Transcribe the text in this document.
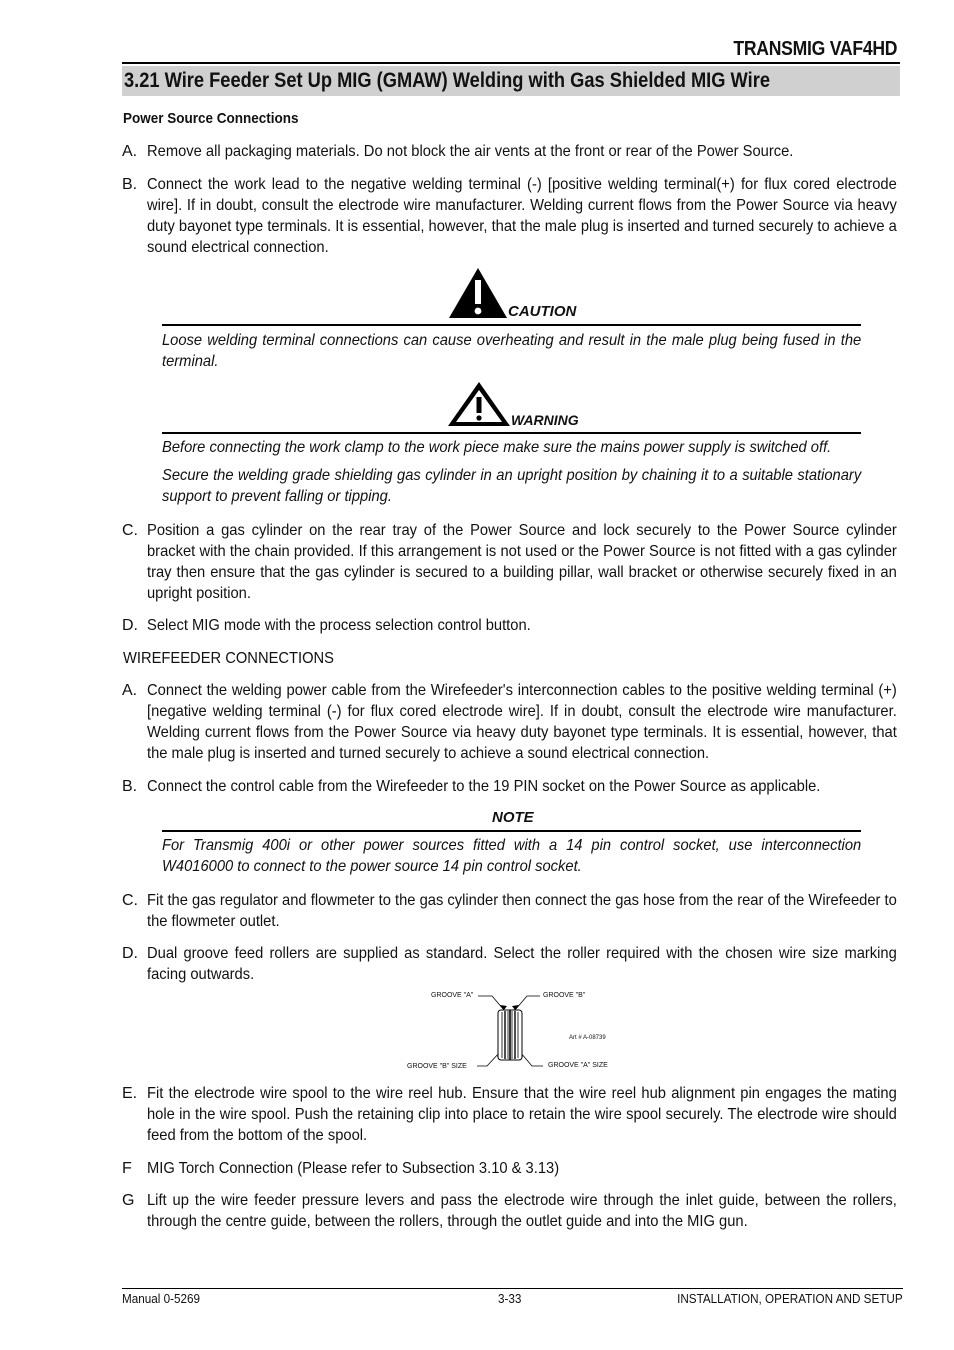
TRANSMIG VAF4HD
3.21 Wire Feeder Set Up MIG (GMAW) Welding with Gas Shielded MIG Wire
Power Source Connections
A. Remove all packaging materials. Do not block the air vents at the front or rear of the Power Source.
B. Connect the work lead to the negative welding terminal (-) [positive welding terminal(+) for flux cored electrode wire]. If in doubt, consult the electrode wire manufacturer. Welding current flows from the Power Source via heavy duty bayonet type terminals. It is essential, however, that the male plug is inserted and turned securely to achieve a sound electrical connection.
CAUTION
Loose welding terminal connections can cause overheating and result in the male plug being fused in the terminal.
WARNING
Before connecting the work clamp to the work piece make sure the mains power supply is switched off.
Secure the welding grade shielding gas cylinder in an upright position by chaining it to a suitable stationary support to prevent falling or tipping.
C. Position a gas cylinder on the rear tray of the Power Source and lock securely to the Power Source cylinder bracket with the chain provided. If this arrangement is not used or the Power Source is not fitted with a gas cylinder tray then ensure that the gas cylinder is secured to a building pillar, wall bracket or otherwise securely fixed in an upright position.
D. Select MIG mode with the process selection control button.
WIREFEEDER CONNECTIONS
A. Connect the welding power cable from the Wirefeeder's interconnection cables to the positive welding terminal (+) [negative welding terminal (-) for flux cored electrode wire]. If in doubt, consult the electrode wire manufacturer. Welding current flows from the Power Source via heavy duty bayonet type terminals. It is essential, however, that the male plug is inserted and turned securely to achieve a sound electrical connection.
B. Connect the control cable from the Wirefeeder to the 19 PIN socket on the Power Source as applicable.
NOTE
For Transmig 400i or other power sources fitted with a 14 pin control socket, use interconnection W4016000 to connect to the power source 14 pin control socket.
C. Fit the gas regulator and flowmeter to the gas cylinder then connect the gas hose from the rear of the Wirefeeder to the flowmeter outlet.
D. Dual groove feed rollers are supplied as standard. Select the roller required with the chosen wire size marking facing outwards.
GROOVE "A"	GROOVE "B"
Art # A-08739
GROOVE "B" SIZE	GROOVE "A" SIZE
E. Fit the electrode wire spool to the wire reel hub. Ensure that the wire reel hub alignment pin engages the mating hole in the wire spool. Push the retaining clip into place to retain the wire spool securely. The electrode wire should feed from the bottom of the spool.
F MIG Torch Connection (Please refer to Subsection 3.10 & 3.13)
G Lift up the wire feeder pressure levers and pass the electrode wire through the inlet guide, between the rollers, through the centre guide, between the rollers, through the outlet guide and into the MIG gun.
Manual 0-5269	3-33	INSTALLATION, OPERATION AND SETUP
